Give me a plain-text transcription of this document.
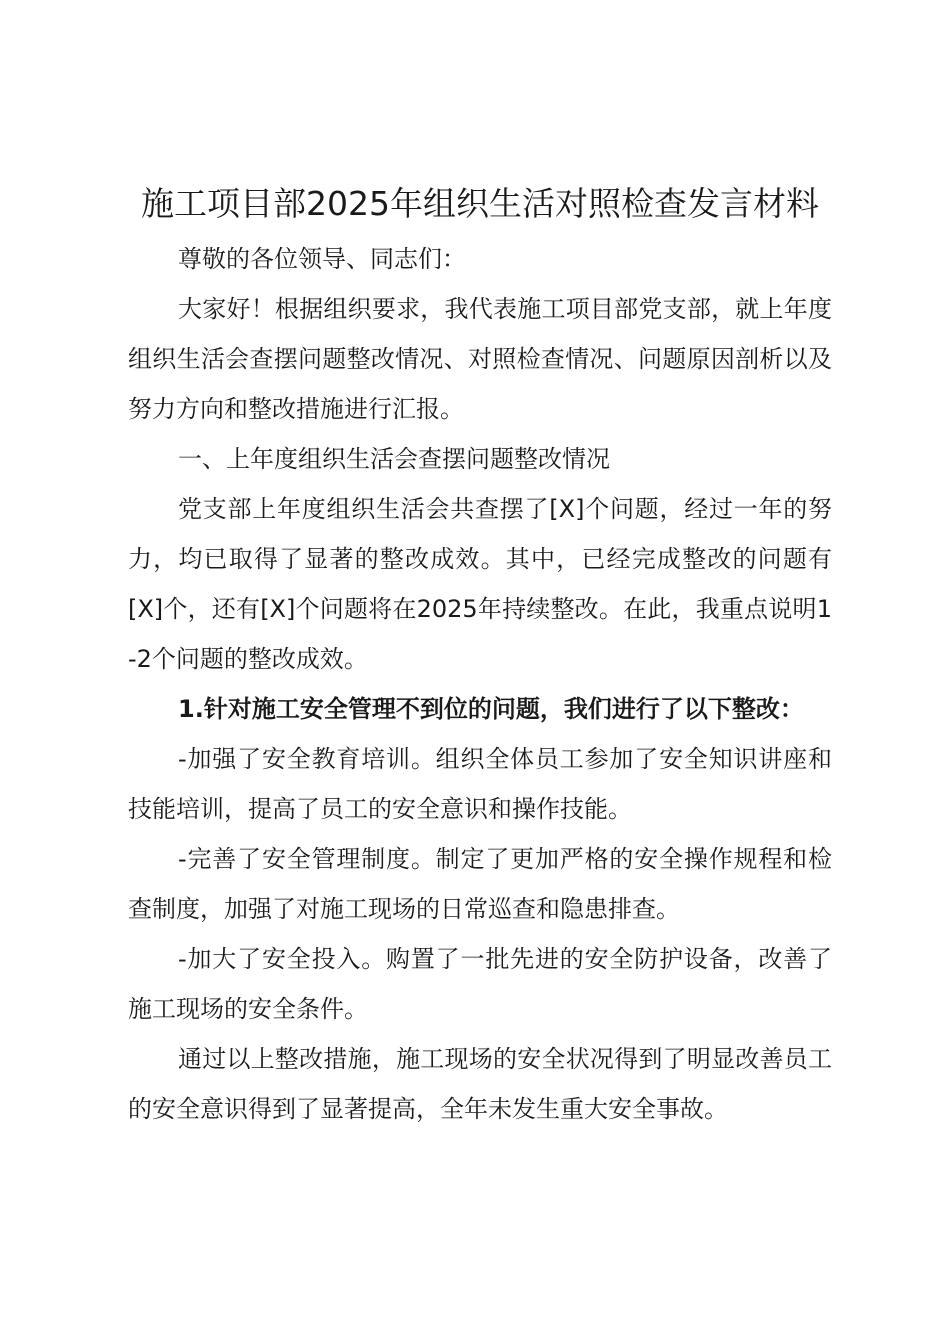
施工项目部2025年组织生活对照检查发言材料

尊敬的各位领导、同志们：

大家好！根据组织要求，我代表施工项目部党支部，就上年度组织生活会查摆问题整改情况、对照检查情况、问题原因剖析以及努力方向和整改措施进行汇报。

一、上年度组织生活会查摆问题整改情况

党支部上年度组织生活会共查摆了[X]个问题，经过一年的努力，均已取得了显著的整改成效。其中，已经完成整改的问题有[X]个，还有[X]个问题将在2025年持续整改。在此，我重点说明1-2个问题的整改成效。

1.针对施工安全管理不到位的问题，我们进行了以下整改：

-加强了安全教育培训。组织全体员工参加了安全知识讲座和技能培训，提高了员工的安全意识和操作技能。

-完善了安全管理制度。制定了更加严格的安全操作规程和检查制度，加强了对施工现场的日常巡查和隐患排查。

-加大了安全投入。购置了一批先进的安全防护设备，改善了施工现场的安全条件。

通过以上整改措施，施工现场的安全状况得到了明显改善员工的安全意识得到了显著提高，全年未发生重大安全事故。
